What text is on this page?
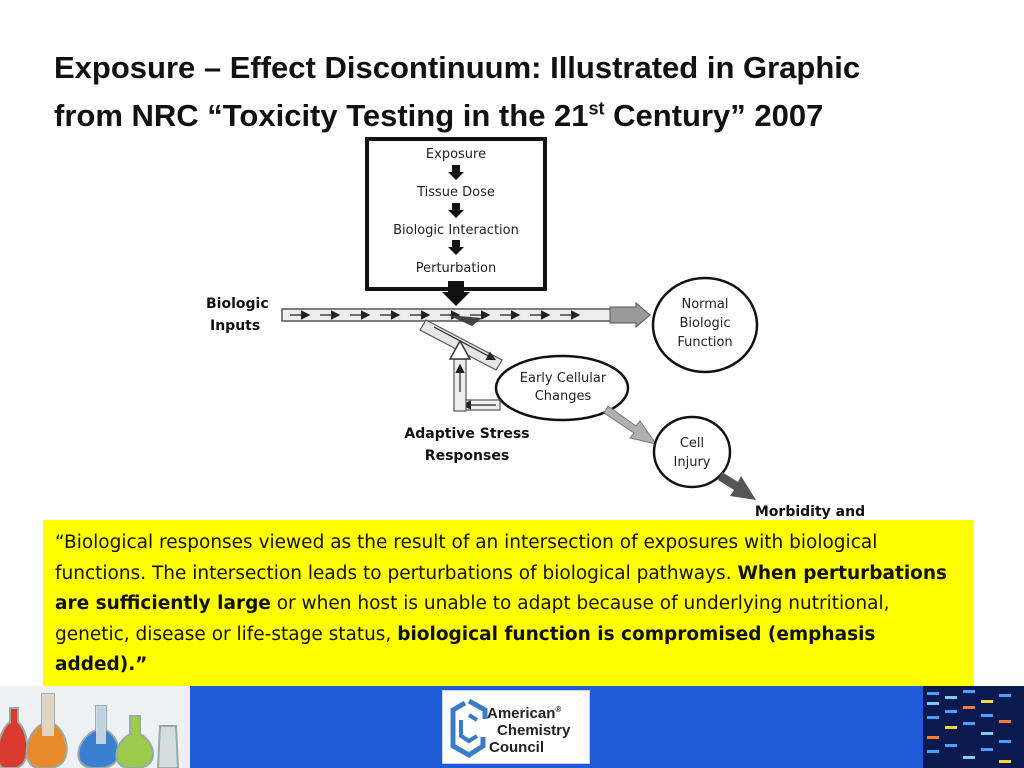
Exposure – Effect Discontinuum: Illustrated in Graphic
from NRC “Toxicity Testing in the 21st Century” 2007
Exposure
Tissue Dose
Biologic Interaction
Perturbation
Biologic
Inputs
Normal
Biologic
Function
Early Cellular
Changes
Adaptive Stress
Responses
Cell
Injury
Morbidity and
“Biological responses viewed as the result of an intersection of exposures with biological functions. The intersection leads to perturbations of biological pathways. When perturbations are sufficiently large or when host is unable to adapt because of underlying nutritional, genetic, disease or life-stage status, biological function is compromised (emphasis added).”
American®
Chemistry
Council
